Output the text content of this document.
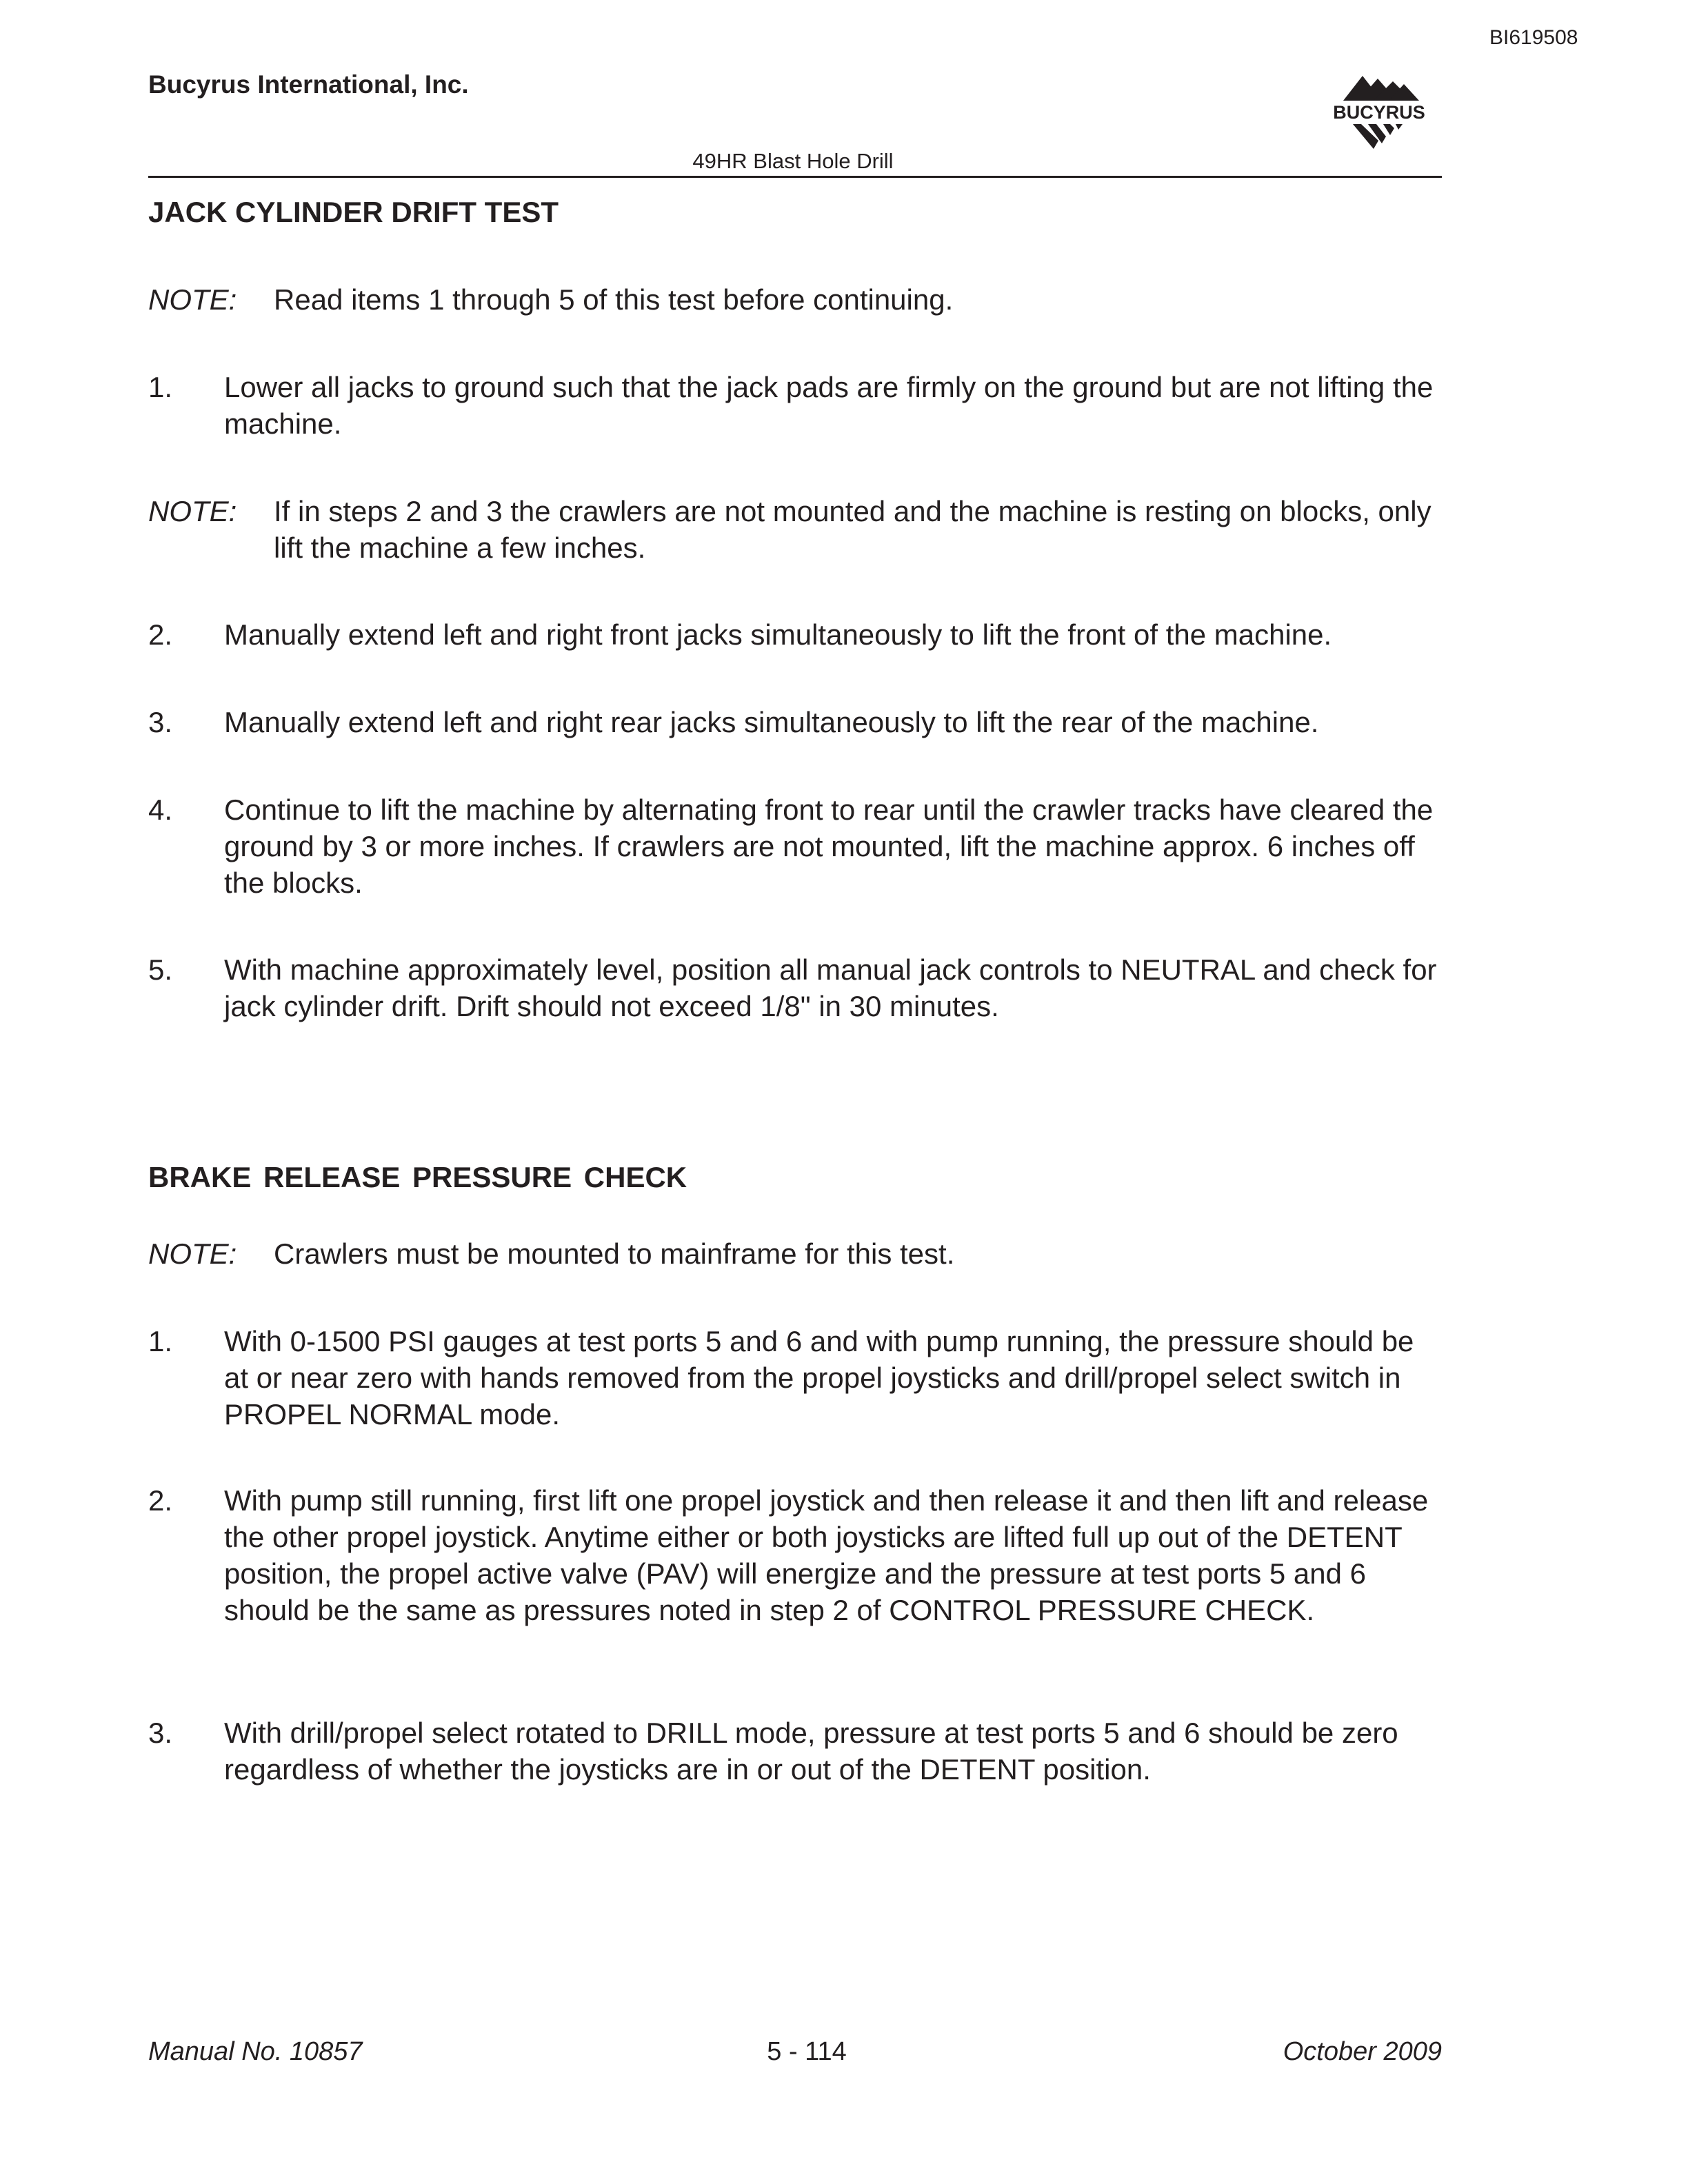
BI619508
Bucyrus International, Inc.
BUCYRUS
49HR Blast Hole Drill
JACK CYLINDER DRIFT TEST
NOTE: Read items 1 through 5 of this test before continuing.
1. Lower all jacks to ground such that the jack pads are firmly on the ground but are not lifting the machine.
NOTE: If in steps 2 and 3 the crawlers are not mounted and the machine is resting on blocks, only lift the machine a few inches.
2. Manually extend left and right front jacks simultaneously to lift the front of the machine.
3. Manually extend left and right rear jacks simultaneously to lift the rear of the machine.
4. Continue to lift the machine by alternating front to rear until the crawler tracks have cleared the ground by 3 or more inches. If crawlers are not mounted, lift the machine approx. 6 inches off the blocks.
5. With machine approximately level, position all manual jack controls to NEUTRAL and check for jack cylinder drift. Drift should not exceed 1/8" in 30 minutes.
BRAKE RELEASE PRESSURE CHECK
NOTE: Crawlers must be mounted to mainframe for this test.
1. With 0-1500 PSI gauges at test ports 5 and 6 and with pump running, the pressure should be at or near zero with hands removed from the propel joysticks and drill/propel select switch in PROPEL NORMAL mode.
2. With pump still running, first lift one propel joystick and then release it and then lift and release the other propel joystick. Anytime either or both joysticks are lifted full up out of the DETENT position, the propel active valve (PAV) will energize and the pressure at test ports 5 and 6 should be the same as pressures noted in step 2 of CONTROL PRESSURE CHECK.
3. With drill/propel select rotated to DRILL mode, pressure at test ports 5 and 6 should be zero regardless of whether the joysticks are in or out of the DETENT position.
Manual No. 10857	5 - 114	October 2009
